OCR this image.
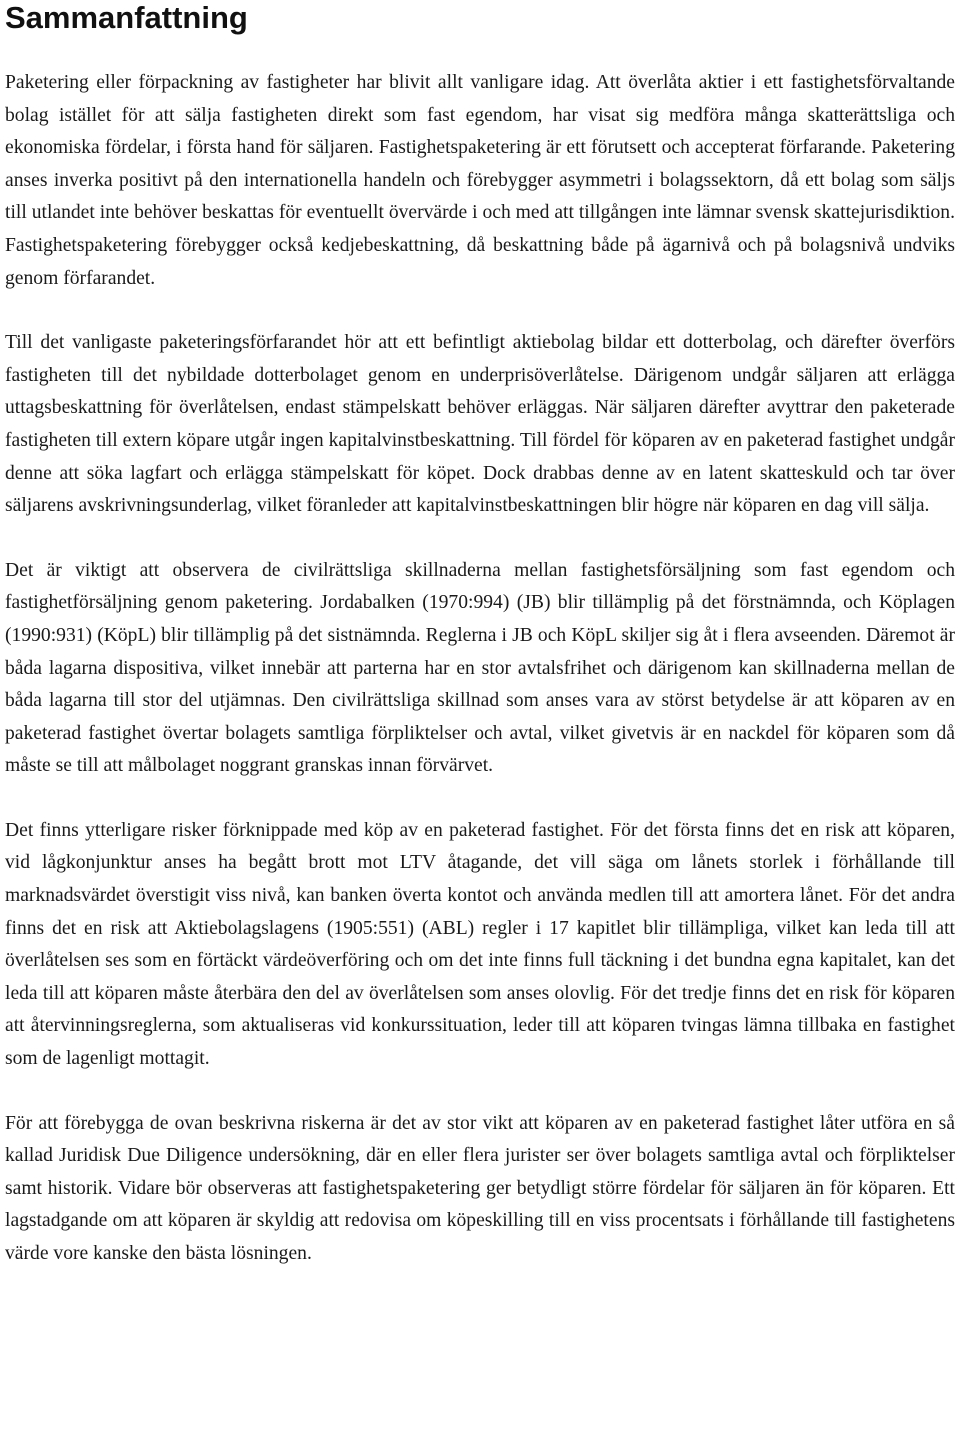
Sammanfattning

Paketering eller förpackning av fastigheter har blivit allt vanligare idag. Att överlåta aktier i ett fastighetsförvaltande bolag istället för att sälja fastigheten direkt som fast egendom, har visat sig medföra många skatterättsliga och ekonomiska fördelar, i första hand för säljaren. Fastighetspaketering är ett förutsett och accepterat förfarande. Paketering anses inverka positivt på den internationella handeln och förebygger asymmetri i bolagssektorn, då ett bolag som säljs till utlandet inte behöver beskattas för eventuellt övervärde i och med att tillgången inte lämnar svensk skattejurisdiktion. Fastighetspaketering förebygger också kedjebeskattning, då beskattning både på ägarnivå och på bolagsnivå undviks genom förfarandet.

Till det vanligaste paketeringsförfarandet hör att ett befintligt aktiebolag bildar ett dotterbolag, och därefter överförs fastigheten till det nybildade dotterbolaget genom en underprisöverlåtelse. Därigenom undgår säljaren att erlägga uttagsbeskattning för överlåtelsen, endast stämpelskatt behöver erläggas. När säljaren därefter avyttrar den paketerade fastigheten till extern köpare utgår ingen kapitalvinstbeskattning. Till fördel för köparen av en paketerad fastighet undgår denne att söka lagfart och erlägga stämpelskatt för köpet. Dock drabbas denne av en latent skatteskuld och tar över säljarens avskrivningsunderlag, vilket föranleder att kapitalvinstbeskattningen blir högre när köparen en dag vill sälja.

Det är viktigt att observera de civilrättsliga skillnaderna mellan fastighetsförsäljning som fast egendom och fastighetförsäljning genom paketering. Jordabalken (1970:994) (JB) blir tillämplig på det förstnämnda, och Köplagen (1990:931) (KöpL) blir tillämplig på det sistnämnda. Reglerna i JB och KöpL skiljer sig åt i flera avseenden. Däremot är båda lagarna dispositiva, vilket innebär att parterna har en stor avtalsfrihet och därigenom kan skillnaderna mellan de båda lagarna till stor del utjämnas. Den civilrättsliga skillnad som anses vara av störst betydelse är att köparen av en paketerad fastighet övertar bolagets samtliga förpliktelser och avtal, vilket givetvis är en nackdel för köparen som då måste se till att målbolaget noggrant granskas innan förvärvet.

Det finns ytterligare risker förknippade med köp av en paketerad fastighet. För det första finns det en risk att köparen, vid lågkonjunktur anses ha begått brott mot LTV åtagande, det vill säga om lånets storlek i förhållande till marknadsvärdet överstigit viss nivå, kan banken överta kontot och använda medlen till att amortera lånet. För det andra finns det en risk att Aktiebolagslagens (1905:551) (ABL) regler i 17 kapitlet blir tillämpliga, vilket kan leda till att överlåtelsen ses som en förtäckt värdeöverföring och om det inte finns full täckning i det bundna egna kapitalet, kan det leda till att köparen måste återbära den del av överlåtelsen som anses olovlig. För det tredje finns det en risk för köparen att återvinningsreglerna, som aktualiseras vid konkurssituation, leder till att köparen tvingas lämna tillbaka en fastighet som de lagenligt mottagit.

För att förebygga de ovan beskrivna riskerna är det av stor vikt att köparen av en paketerad fastighet låter utföra en så kallad Juridisk Due Diligence undersökning, där en eller flera jurister ser över bolagets samtliga avtal och förpliktelser samt historik. Vidare bör observeras att fastighetspaketering ger betydligt större fördelar för säljaren än för köparen. Ett lagstadgande om att köparen är skyldig att redovisa om köpeskilling till en viss procentsats i förhållande till fastighetens värde vore kanske den bästa lösningen.
